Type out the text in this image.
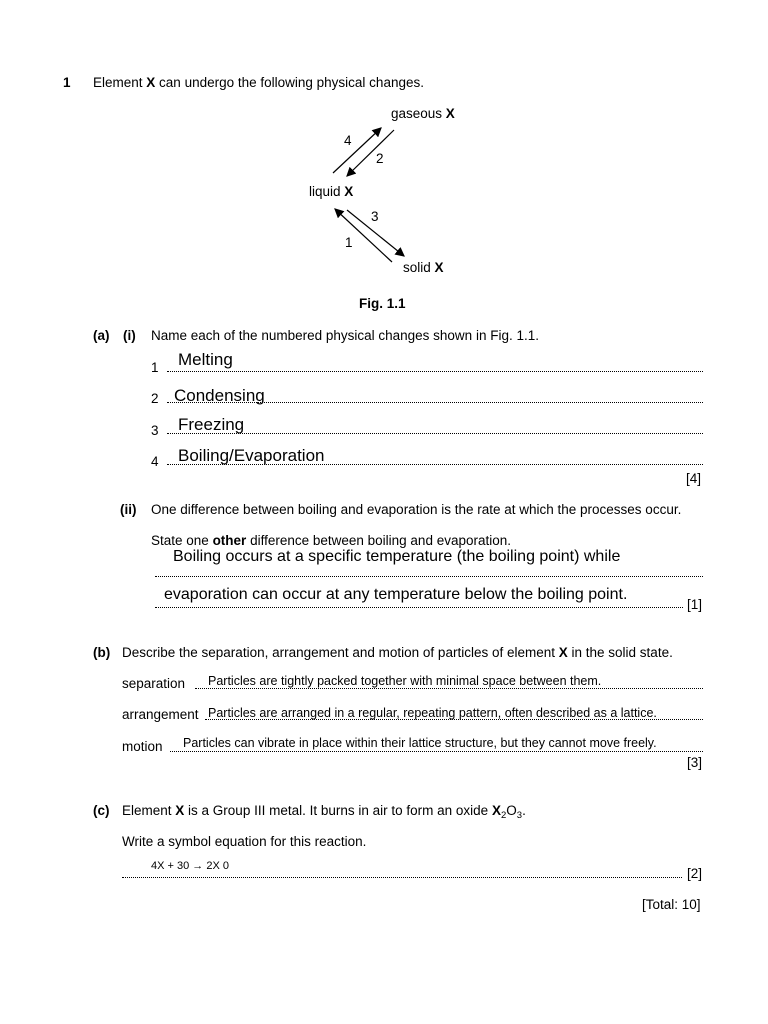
1 Element X can undergo the following physical changes.
gaseous X
liquid X
solid X
4
2
3
1
Fig. 1.1
(a) (i) Name each of the numbered physical changes shown in Fig. 1.1.
1 Melting
2 Condensing
3 Freezing
4 Boiling/Evaporation
[4]
(ii) One difference between boiling and evaporation is the rate at which the processes occur.
State one other difference between boiling and evaporation.
Boiling occurs at a specific temperature (the boiling point) while
evaporation can occur at any temperature below the boiling point.
[1]
(b) Describe the separation, arrangement and motion of particles of element X in the solid state.
separation Particles are tightly packed together with minimal space between them.
arrangement Particles are arranged in a regular, repeating pattern, often described as a lattice.
motion Particles can vibrate in place within their lattice structure, but they cannot move freely.
[3]
(c) Element X is a Group III metal. It burns in air to form an oxide $X_2O_3$.
Write a symbol equation for this reaction.
4X + 30 → 2X 0	[2]
[Total: 10]
